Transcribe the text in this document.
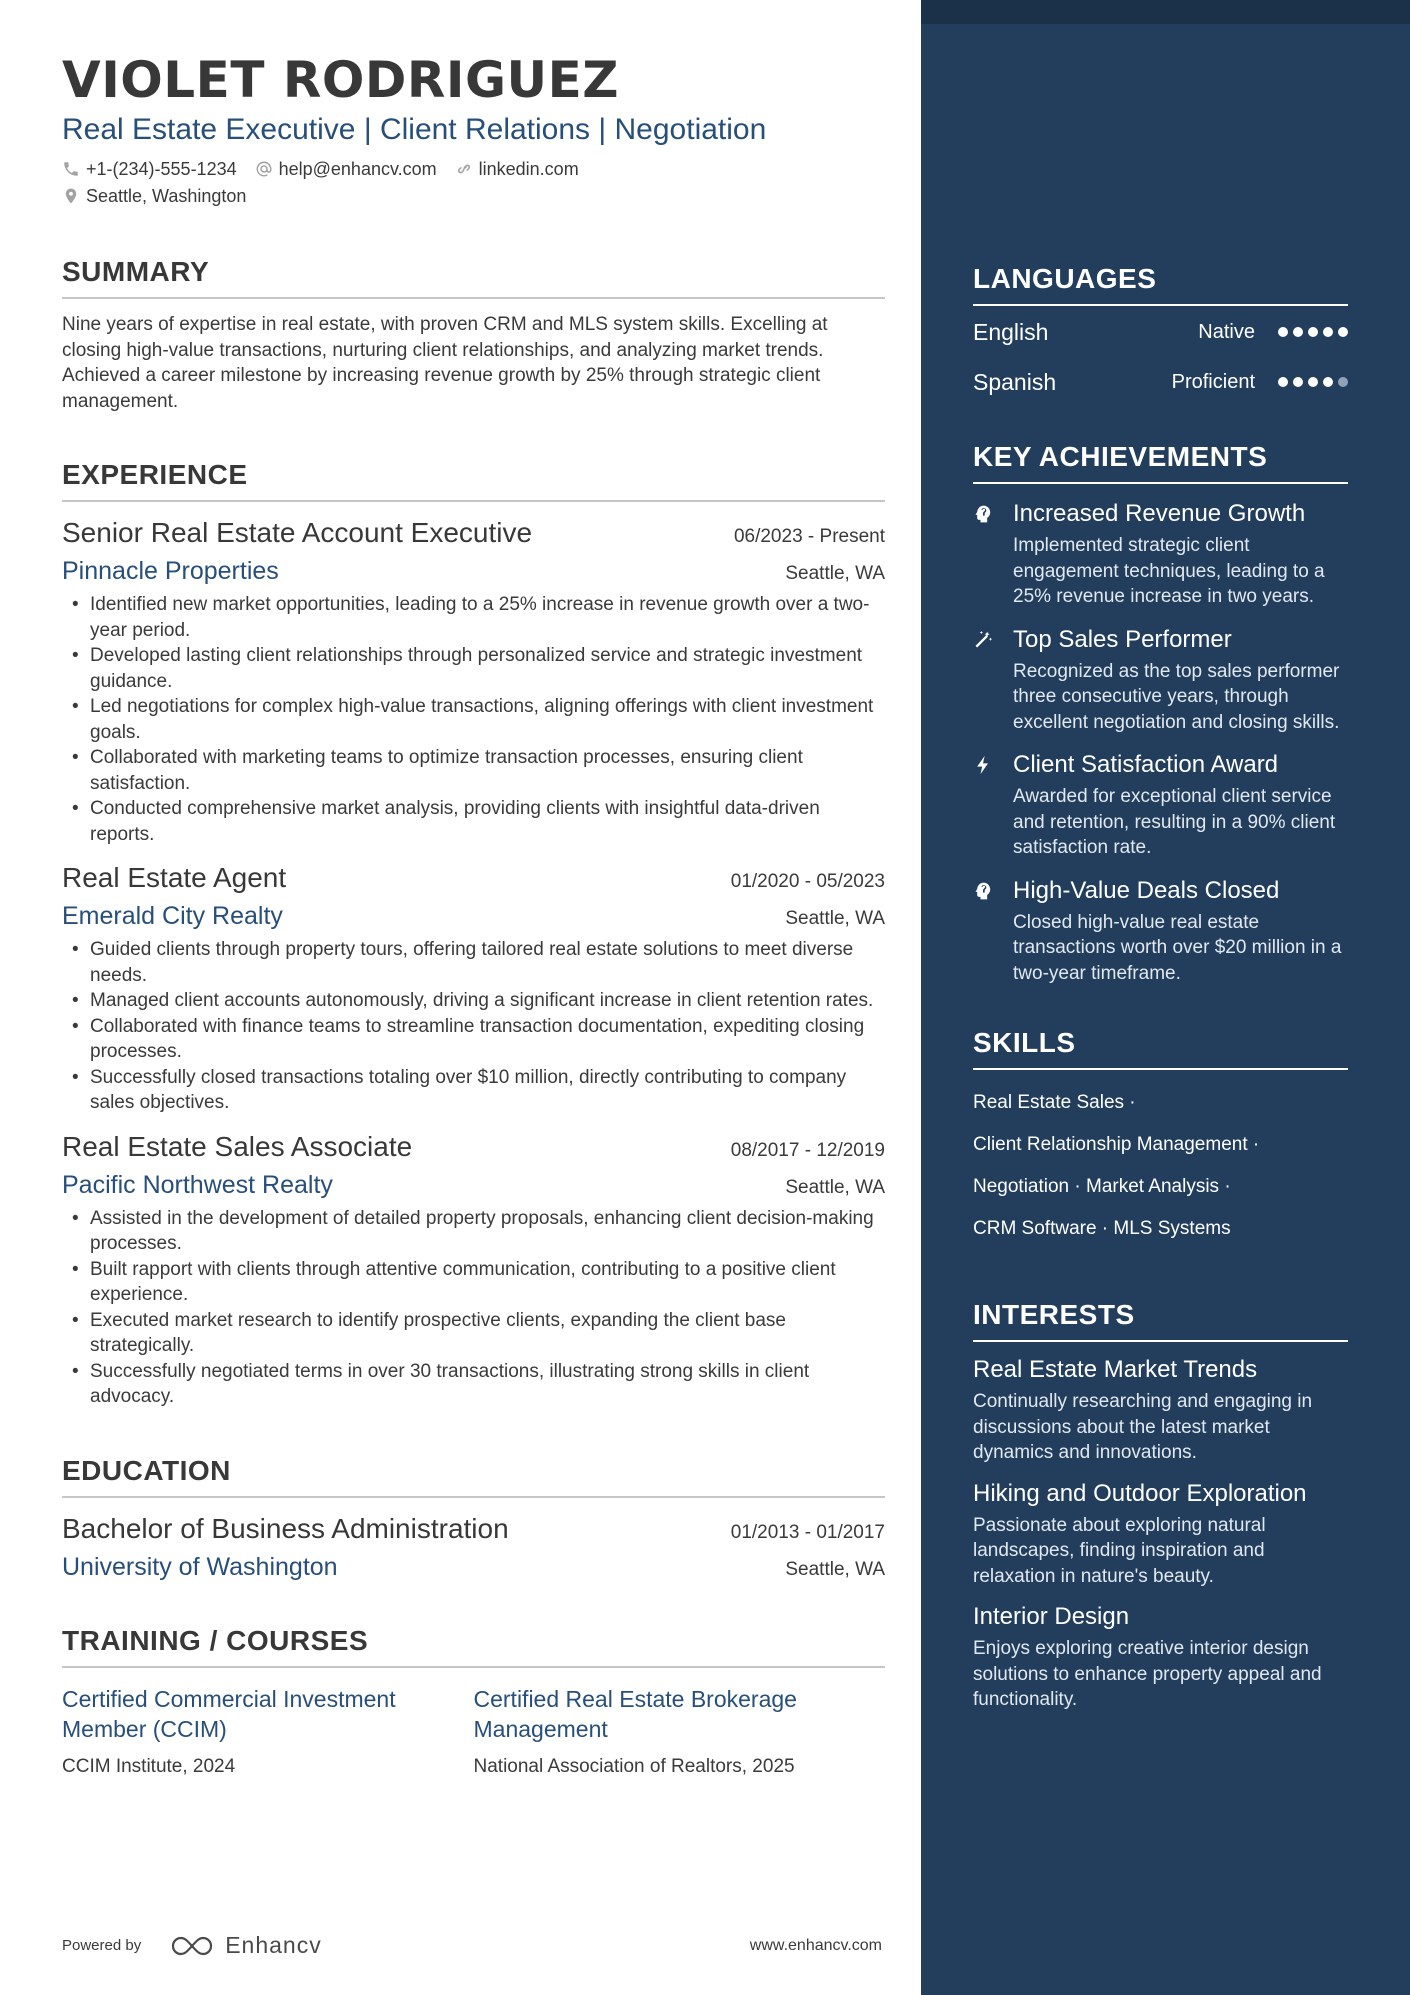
VIOLET RODRIGUEZ
Real Estate Executive | Client Relations | Negotiation
+1-(234)-555-1234 help@enhancv.com linkedin.com
Seattle, Washington
SUMMARY

Nine years of expertise in real estate, with proven CRM and MLS system skills. Excelling at closing high-value transactions, nurturing client relationships, and analyzing market trends. Achieved a career milestone by increasing revenue growth by 25% through strategic client management.

EXPERIENCE
Senior Real Estate Account Executive	06/2023 - Present
Pinnacle Properties	Seattle, WA
• Identified new market opportunities, leading to a 25% increase in revenue growth over a two-year period.
• Developed lasting client relationships through personalized service and strategic investment guidance.
• Led negotiations for complex high-value transactions, aligning offerings with client investment goals.
• Collaborated with marketing teams to optimize transaction processes, ensuring client satisfaction.
• Conducted comprehensive market analysis, providing clients with insightful data-driven reports.
Real Estate Agent	01/2020 - 05/2023
Emerald City Realty	Seattle, WA
• Guided clients through property tours, offering tailored real estate solutions to meet diverse needs.
• Managed client accounts autonomously, driving a significant increase in client retention rates.
• Collaborated with finance teams to streamline transaction documentation, expediting closing processes.
• Successfully closed transactions totaling over $10 million, directly contributing to company sales objectives.
Real Estate Sales Associate	08/2017 - 12/2019
Pacific Northwest Realty	Seattle, WA
• Assisted in the development of detailed property proposals, enhancing client decision-making processes.
• Built rapport with clients through attentive communication, contributing to a positive client experience.
• Executed market research to identify prospective clients, expanding the client base strategically.
• Successfully negotiated terms in over 30 transactions, illustrating strong skills in client advocacy.
EDUCATION
Bachelor of Business Administration	01/2013 - 01/2017
University of Washington	Seattle, WA
TRAINING / COURSES
Certified Commercial Investment Member (CCIM)
CCIM Institute, 2024
Certified Real Estate Brokerage Management
National Association of Realtors, 2025
Powered by	Enhancv	www.enhancv.com
LANGUAGES
English	Native
Spanish	Proficient
KEY ACHIEVEMENTS
Increased Revenue Growth
Implemented strategic client engagement techniques, leading to a 25% revenue increase in two years.
Top Sales Performer
Recognized as the top sales performer three consecutive years, through excellent negotiation and closing skills.
Client Satisfaction Award
Awarded for exceptional client service and retention, resulting in a 90% client satisfaction rate.
High-Value Deals Closed
Closed high-value real estate transactions worth over $20 million in a two-year timeframe.
SKILLS
Real Estate Sales ·
Client Relationship Management ·
Negotiation · Market Analysis ·
CRM Software · MLS Systems
INTERESTS
Real Estate Market Trends
Continually researching and engaging in discussions about the latest market dynamics and innovations.
Hiking and Outdoor Exploration
Passionate about exploring natural landscapes, finding inspiration and relaxation in nature's beauty.
Interior Design
Enjoys exploring creative interior design solutions to enhance property appeal and functionality.
